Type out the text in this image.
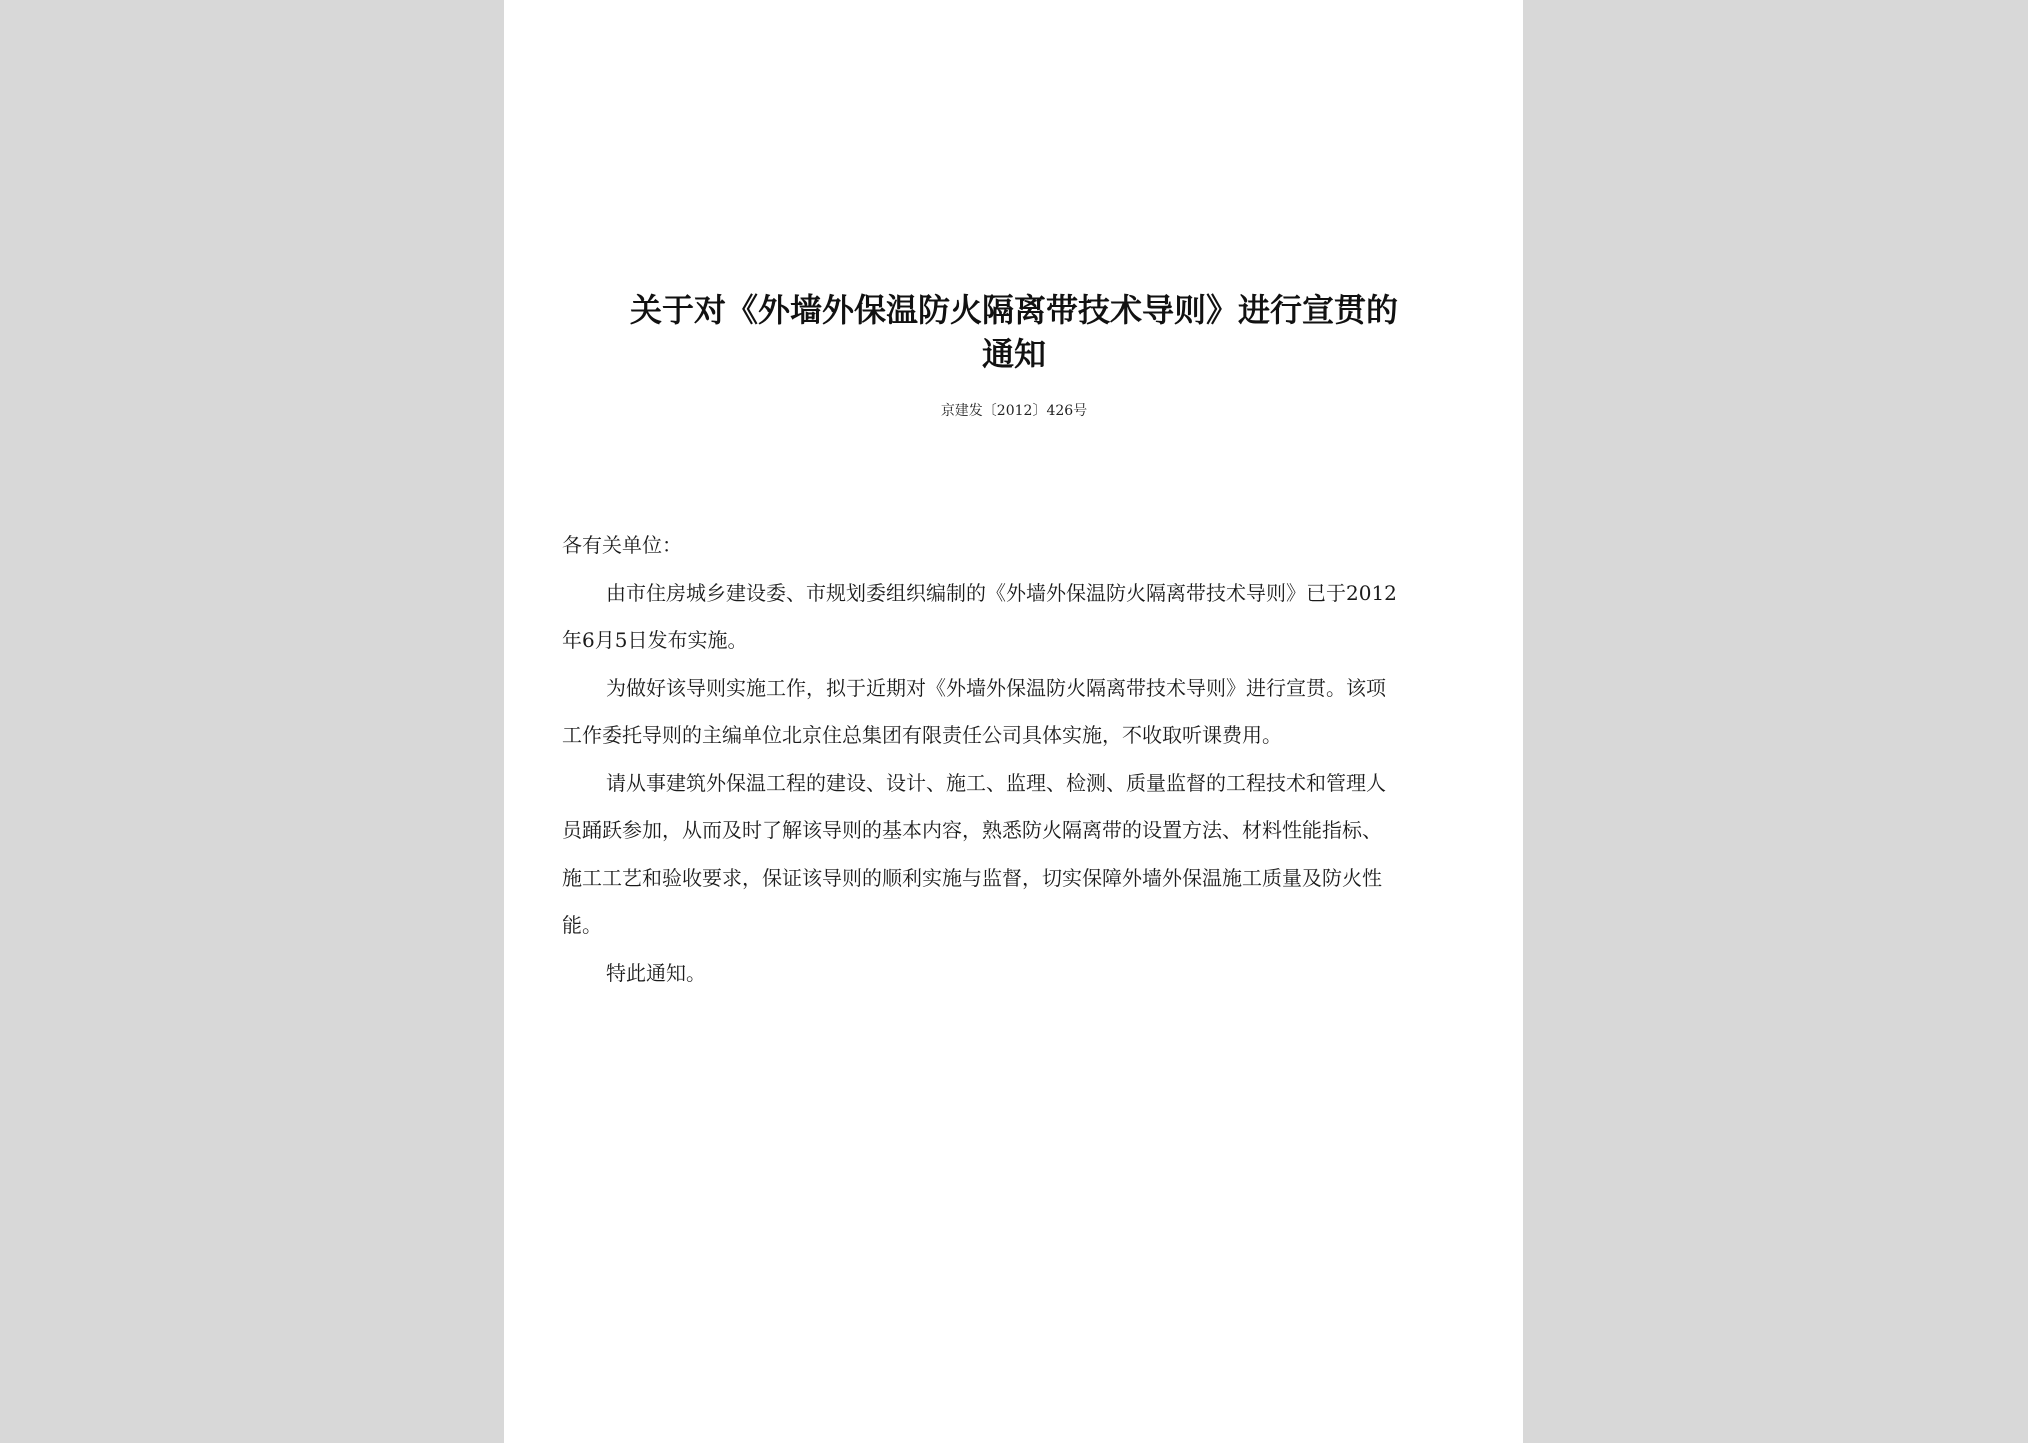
关于对《外墙外保温防火隔离带技术导则》进行宣贯的
通知
京建发〔2012〕426号

各有关单位：

由市住房城乡建设委、市规划委组织编制的《外墙外保温防火隔离带技术导则》已于2012
年6月5日发布实施。

为做好该导则实施工作，拟于近期对《外墙外保温防火隔离带技术导则》进行宣贯。该项
工作委托导则的主编单位北京住总集团有限责任公司具体实施，不收取听课费用。

请从事建筑外保温工程的建设、设计、施工、监理、检测、质量监督的工程技术和管理人
员踊跃参加，从而及时了解该导则的基本内容，熟悉防火隔离带的设置方法、材料性能指标、
施工工艺和验收要求，保证该导则的顺利实施与监督，切实保障外墙外保温施工质量及防火性
能。

特此通知。
